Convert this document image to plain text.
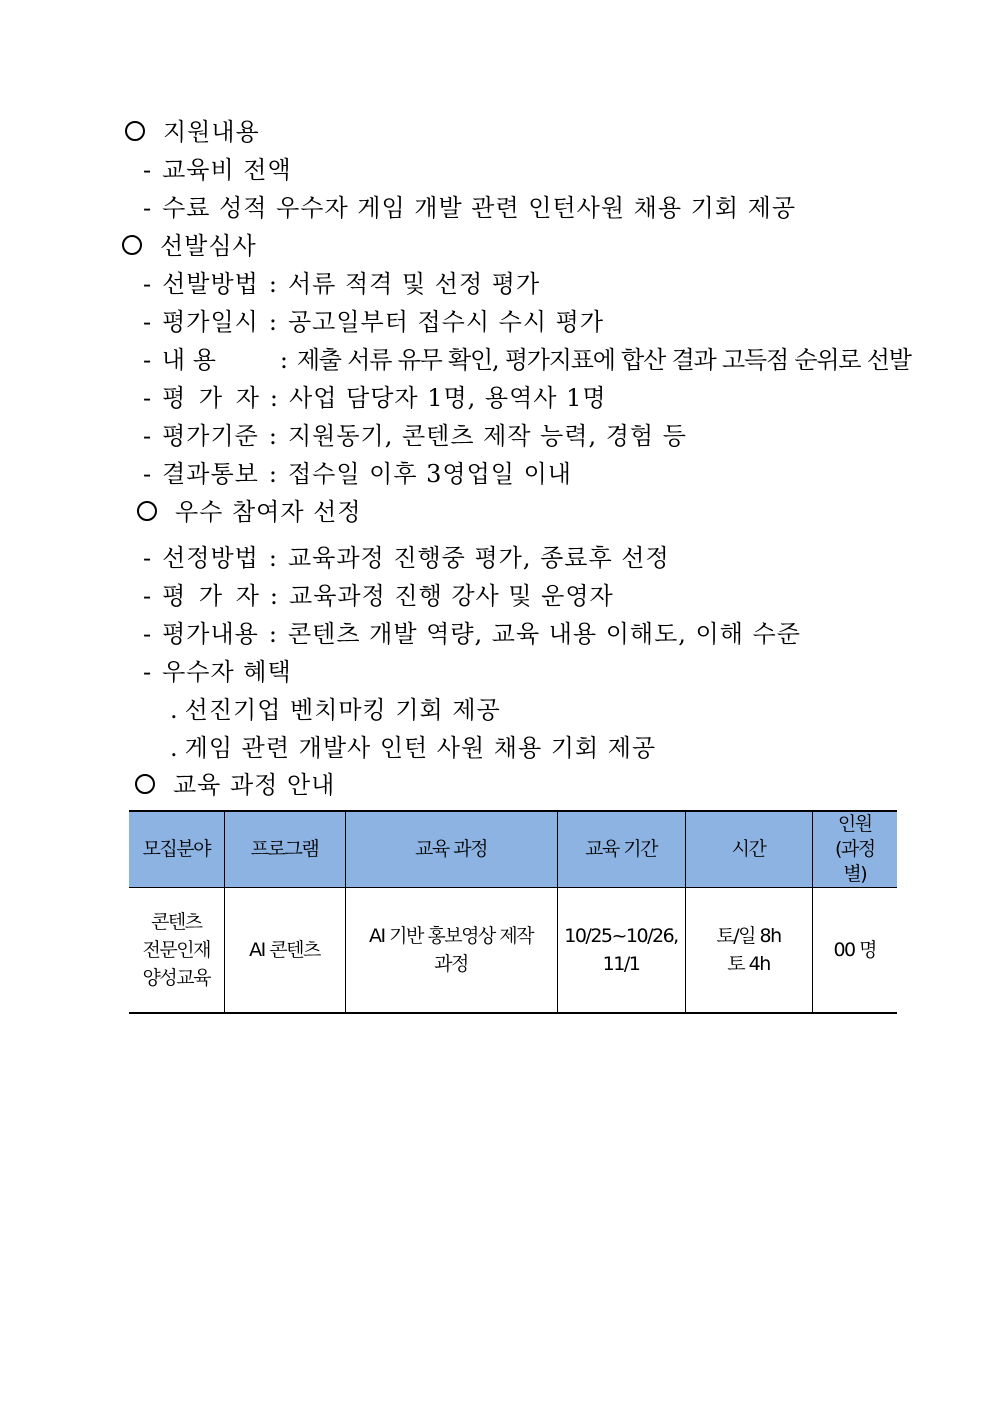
지원내용
- 교육비 전액
- 수료 성적 우수자 게임 개발 관련 인턴사원 채용 기회 제공
선발심사
- 선발방법 : 서류 적격 및 선정 평가
- 평가일시 : 공고일부터 접수시 수시 평가
- 내 용	: 제출 서류 유무 확인, 평가지표에 합산 결과 고득점 순위로 선발
- 평 가 자 : 사업 담당자 1명, 용역사 1명
- 평가기준 : 지원동기, 콘텐츠 제작 능력, 경험 등
- 결과통보 : 접수일 이후 3영업일 이내
우수 참여자 선정
- 선정방법 : 교육과정 진행중 평가, 종료후 선정
- 평 가 자 : 교육과정 진행 강사 및 운영자
- 평가내용 : 콘텐츠 개발 역량, 교육 내용 이해도, 이해 수준
- 우수자 혜택
. 선진기업 벤치마킹 기회 제공
. 게임 관련 개발사 인턴 사원 채용 기회 제공
교육 과정 안내
모집분야	프로그램	교육 과정	교육 기간	시간	인원 (과정별)
콘텐츠 전문인재 양성교육	AI 콘텐츠	AI 기반 홍보영상 제작 과정	10/25~10/26, 11/1	토/일 8h 토 4h	00 명
